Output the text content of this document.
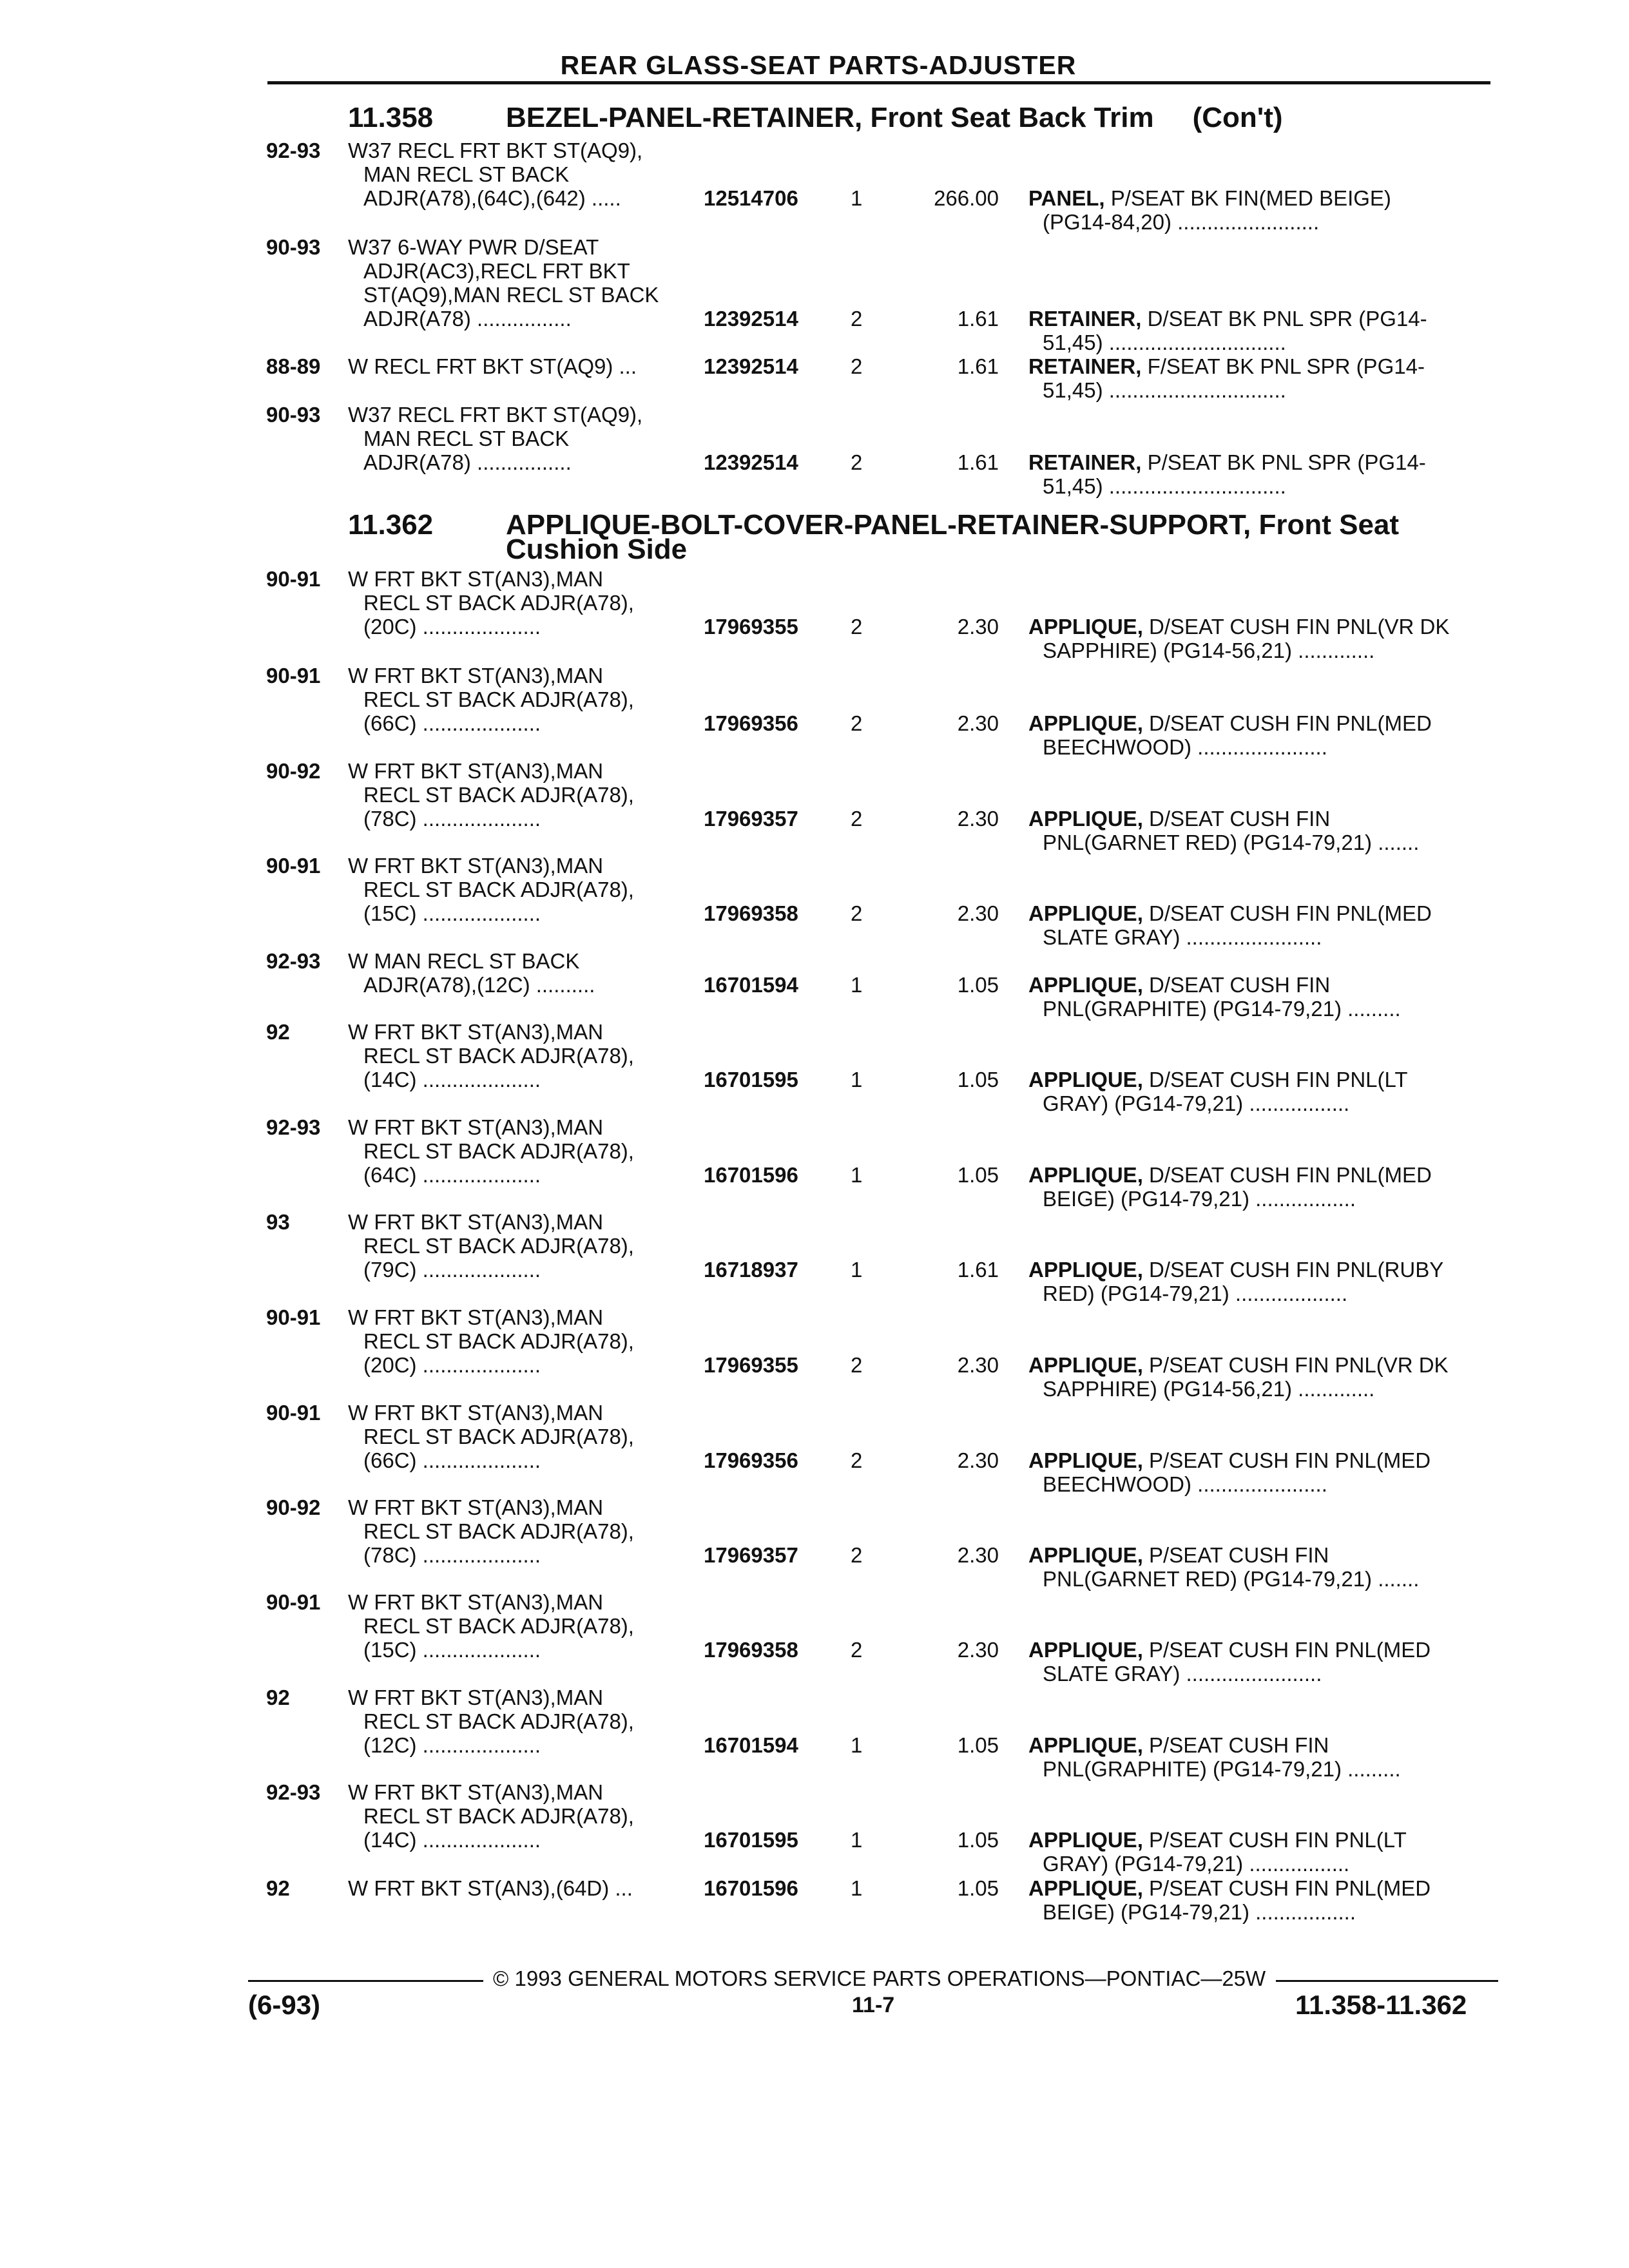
REAR GLASS-SEAT PARTS-ADJUSTER
11.358	BEZEL-PANEL-RETAINER, Front Seat Back Trim (Con't)
92-93 W37 RECL FRT BKT ST(AQ9),
MAN RECL ST BACK
ADJR(A78),(64C),(642) .....	12514706 1	266.00 PANEL, P/SEAT BK FIN(MED BEIGE)
(PG14-84,20) ........................
90-93 W37 6-WAY PWR D/SEAT
ADJR(AC3),RECL FRT BKT
ST(AQ9),MAN RECL ST BACK
ADJR(A78) ................	12392514 2	1.61 RETAINER, D/SEAT BK PNL SPR (PG14-
51,45) ..............................
88-89 W RECL FRT BKT ST(AQ9) ...	12392514 2	1.61 RETAINER, F/SEAT BK PNL SPR (PG14-
51,45) ..............................
90-93 W37 RECL FRT BKT ST(AQ9),
MAN RECL ST BACK
ADJR(A78) ................	12392514 2	1.61 RETAINER, P/SEAT BK PNL SPR (PG14-
51,45) ..............................
11.362	APPLIQUE-BOLT-COVER-PANEL-RETAINER-SUPPORT, Front Seat
Cushion Side
90-91 W FRT BKT ST(AN3),MAN
RECL ST BACK ADJR(A78),
(20C) ....................	17969355 2	2.30 APPLIQUE, D/SEAT CUSH FIN PNL(VR DK
SAPPHIRE) (PG14-56,21) .............
90-91 W FRT BKT ST(AN3),MAN
RECL ST BACK ADJR(A78),
(66C) ....................	17969356 2	2.30 APPLIQUE, D/SEAT CUSH FIN PNL(MED
BEECHWOOD) ......................
90-92 W FRT BKT ST(AN3),MAN
RECL ST BACK ADJR(A78),
(78C) ....................	17969357 2	2.30 APPLIQUE, D/SEAT CUSH FIN
PNL(GARNET RED) (PG14-79,21) .......
90-91 W FRT BKT ST(AN3),MAN
RECL ST BACK ADJR(A78),
(15C) ....................	17969358 2	2.30 APPLIQUE, D/SEAT CUSH FIN PNL(MED
SLATE GRAY) .......................
92-93 W MAN RECL ST BACK
ADJR(A78),(12C) ..........	16701594 1	1.05 APPLIQUE, D/SEAT CUSH FIN
PNL(GRAPHITE) (PG14-79,21) .........
92	W FRT BKT ST(AN3),MAN
RECL ST BACK ADJR(A78),
(14C) ....................	16701595 1	1.05 APPLIQUE, D/SEAT CUSH FIN PNL(LT
GRAY) (PG14-79,21) .................
92-93 W FRT BKT ST(AN3),MAN
RECL ST BACK ADJR(A78),
(64C) ....................	16701596 1	1.05 APPLIQUE, D/SEAT CUSH FIN PNL(MED
BEIGE) (PG14-79,21) .................
93	W FRT BKT ST(AN3),MAN
RECL ST BACK ADJR(A78),
(79C) ....................	16718937 1	1.61 APPLIQUE, D/SEAT CUSH FIN PNL(RUBY
RED) (PG14-79,21) ...................
90-91 W FRT BKT ST(AN3),MAN
RECL ST BACK ADJR(A78),
(20C) ....................	17969355 2	2.30 APPLIQUE, P/SEAT CUSH FIN PNL(VR DK
SAPPHIRE) (PG14-56,21) .............
90-91 W FRT BKT ST(AN3),MAN
RECL ST BACK ADJR(A78),
(66C) ....................	17969356 2	2.30 APPLIQUE, P/SEAT CUSH FIN PNL(MED
BEECHWOOD) ......................
90-92 W FRT BKT ST(AN3),MAN
RECL ST BACK ADJR(A78),
(78C) ....................	17969357 2	2.30 APPLIQUE, P/SEAT CUSH FIN
PNL(GARNET RED) (PG14-79,21) .......
90-91 W FRT BKT ST(AN3),MAN
RECL ST BACK ADJR(A78),
(15C) ....................	17969358 2	2.30 APPLIQUE, P/SEAT CUSH FIN PNL(MED
SLATE GRAY) .......................
92	W FRT BKT ST(AN3),MAN
RECL ST BACK ADJR(A78),
(12C) ....................	16701594 1	1.05 APPLIQUE, P/SEAT CUSH FIN
PNL(GRAPHITE) (PG14-79,21) .........
92-93 W FRT BKT ST(AN3),MAN
RECL ST BACK ADJR(A78),
(14C) ....................	16701595 1	1.05 APPLIQUE, P/SEAT CUSH FIN PNL(LT
GRAY) (PG14-79,21) .................
92	W FRT BKT ST(AN3),(64D) ...	16701596 1	1.05 APPLIQUE, P/SEAT CUSH FIN PNL(MED
BEIGE) (PG14-79,21) .................
© 1993 GENERAL MOTORS SERVICE PARTS OPERATIONS—PONTIAC—25W
(6-93)	11-7	11.358-11.362
